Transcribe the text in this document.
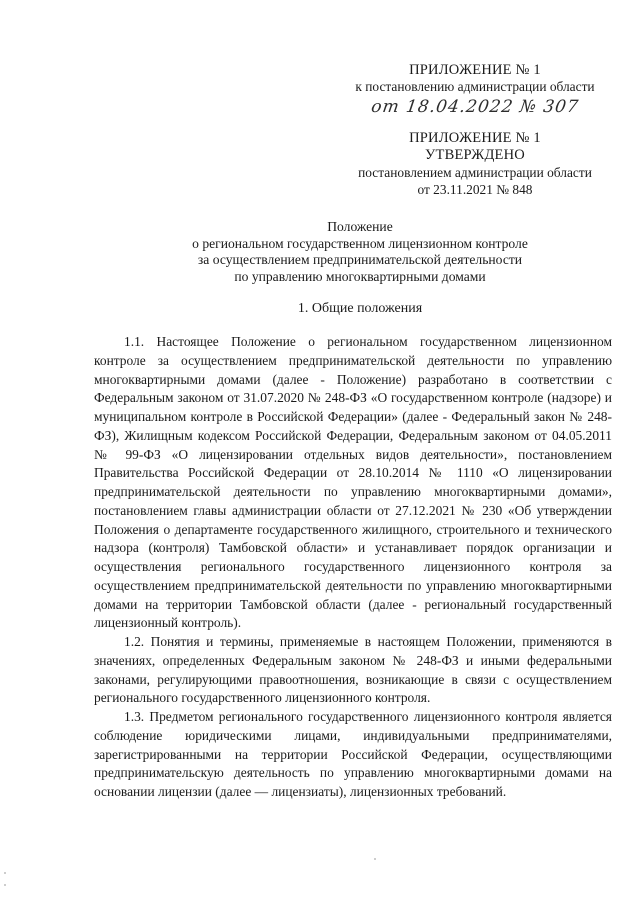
ПРИЛОЖЕНИЕ № 1
к постановлению администрации области
от 18.04.2022 № 307
ПРИЛОЖЕНИЕ № 1
УТВЕРЖДЕНО
постановлением администрации области
от 23.11.2021 № 848
Положение
о региональном государственном лицензионном контроле
за осуществлением предпринимательской деятельности
по управлению многоквартирными домами
1. Общие положения

1.1. Настоящее Положение о региональном государственном лицензионном контроле за осуществлением предпринимательской деятельности по управлению многоквартирными домами (далее - Положение) разработано в соответствии с Федеральным законом от 31.07.2020 № 248-ФЗ «О государственном контроле (надзоре) и муниципальном контроле в Российской Федерации» (далее - Федеральный закон № 248-ФЗ), Жилищным кодексом Российской Федерации, Федеральным законом от 04.05.2011 № 99-ФЗ «О лицензировании отдельных видов деятельности», постановлением Правительства Российской Федерации от 28.10.2014 № 1110 «О лицензировании предпринимательской деятельности по управлению многоквартирными домами», постановлением главы администрации области от 27.12.2021 № 230 «Об утверждении Положения о департаменте государственного жилищного, строительного и технического надзора (контроля) Тамбовской области» и устанавливает порядок организации и осуществления регионального государственного лицензионного контроля за осуществлением предпринимательской деятельности по управлению многоквартирными домами на территории Тамбовской области (далее - региональный государственный лицензионный контроль).

1.2. Понятия и термины, применяемые в настоящем Положении, применяются в значениях, определенных Федеральным законом № 248-ФЗ и иными федеральными законами, регулирующими правоотношения, возникающие в связи с осуществлением регионального государственного лицензионного контроля.

1.3. Предметом регионального государственного лицензионного контроля является соблюдение юридическими лицами, индивидуальными предпринимателями, зарегистрированными на территории Российской Федерации, осуществляющими предпринимательскую деятельность по управлению многоквартирными домами на основании лицензии (далее — лицензиаты), лицензионных требований.
